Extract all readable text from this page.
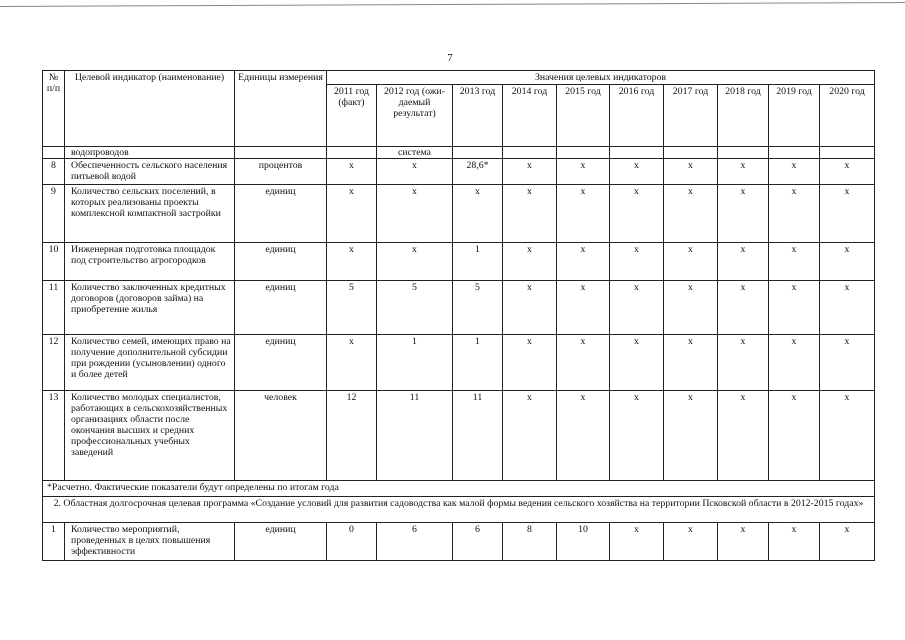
7
№ п/п	Целевой индикатор (наименование)	Единицы измерения	Значения целевых индикаторов									
			2011 год (факт)	2012 год (ожи-даемый результат)	2013 год	2014 год	2015 год	2016 год	2017 год	2018 год	2019 год	2020 год
	водопроводов			система								
8	Обеспеченность сельского населения питьевой водой	процентов	х	х	28,6*	х	х	х	х	х	х	х
9	Количество сельских поселений, в которых реализованы проекты комплексной компактной застройки	единиц	х	х	х	х	х	х	х	х	х	х
10	Инженерная подготовка площадок под строительство агрогородков	единиц	х	х	1	х	х	х	х	х	х	х
11	Количество заключенных кредитных договоров (договоров займа) на приобретение жилья	единиц	5	5	5	х	х	х	х	х	х	х
12	Количество семей, имеющих право на получение дополнительной субсидии при рождении (усыновлении) одного и более детей	единиц	х	1	1	х	х	х	х	х	х	х
13	Количество молодых специалистов, работающих в сельскохозяйственных организациях области после окончания высших и средних профессиональных учебных заведений	человек	12	11	11	х	х	х	х	х	х	х
*Расчетно. Фактические показатели будут определены по итогам года												
2. Областная долгосрочная целевая программа «Создание условий для развития садоводства как малой формы ведения сельского хозяйства на территории Псковской области в 2012-2015 годах»												
1	Количество мероприятий, проведенных в целях повышения эффективности	единиц	0	6	6	8	10	х	х	х	х	х
